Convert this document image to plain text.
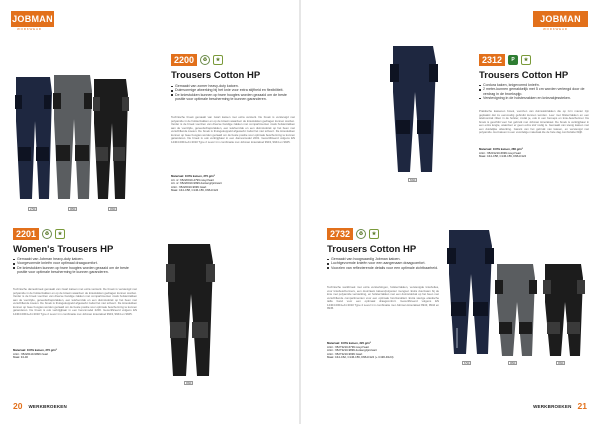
JOBMAN
WORKWEAR
2799	9899	9999
2200	♻	★
Trousers Cotton HP
Gemaakt van zomer heavy-duty katoen.
Duimvormige afwerking bij het knie voor extra stijfheid en flexibiliteit.
De kniestukken kunnen op twee hoogtes worden gezaaid om de beste positie voor optimale bescherming te kunnen garanderen.
Technische broek gemaakt van zwart katoen met extra versterk. De broek is verstevigd met polyamide in de holsterzakken en op de knieën waardoor de kniestukken gedragen kunnen worden. Verder is de broek voorzien van diverse handige zakken met compartimenten zoals holsterzakken aan de voorzijde, gereedschapszakken, een telefoonzak en een duimstokzak op het been met verschillende koeien. De broek is thuisgekoppeld afgewerkt zodat het niet scheurt. De kniestukken kunnen op twee hoogtes worden gezaaid om de beste positie voor optimale bescherming te kunnen garanderen. De broek is ook verkrijgbaar in een damesmodel 2201. Gecertificeerd volgens EN 14404:2004+A1:2010 Type 2 Level 1 in combinatie met Jobman kniezaksel 9943, 9944 en 9945.
Materiaal: 100% katoen, 370 g/m²
Art. nr: 65220010-4799 navy/zwart
Art. nr: 65220010-9999 donkergrijs/zwart
Artnr.: 65220010-9999 zwart
Maat: C44-C58, C146-156, D96-D124
2201	♻	★
Women's Trousers HP
Gemaakt van Jobman heavy-duty katoen.
Voorgevormde knieën voor optimaal draagcomfort.
De kniestukken kunnen op twee hoogtes worden gezaaid om de beste positie voor optimale bescherming te kunnen garanderen.
Technische damesbroek gemaakt van zwart katoen met extra versterk. De broek is verstevigd met polyamide in de holsterzakken en op de knieën waardoor de kniestukken gedragen kunnen worden. Verder is de broek voorzien van diverse handige zakken met compartimenten zoals holsterzakken aan de voorzijde, gereedschapszakken, een telefoonzak en een duimstokzak op het been met verschillende koeien. De broek is thuisgekoppeld afgewerkt zodat het niet scheurt. De kniestukken kunnen op twee hoogtes worden gezaaid om de beste positie voor optimale bescherming te kunnen garanderen. De broek is ook verkrijgbaar in een herenmodel 2200. Gecertificeerd volgens EN 14404:2004+A1:2010 Type 2 Level 1 in combinatie met Jobman kniezaksel 9943, 9944 en 9945.
Materiaal: 100% katoen, 370 g/m²
Artnr.: 65220110-9999 zwart
Maat: 34-46
9999
20 WERKBROEKEN
JOBMAN
WORKWEAR
6999
2312	P	★
Trousers Cotton HP
Cordura kaken, knigevormd knieën.
2 meter-kunnen gemakkelijk met 5 cm worden verlengd door de verdrag in de broekspijp.
Verstevigning in de holsterzakken en kniezakjessteken.
Praktische katoenen broek, voorzien van duimstokzakken die op zo'n manier zijn geplaatst dat ze eenvoudig gebruikt kunnen worden. Leer met blisterzakken en een telefoonzak zitten in de holster, zodat je, ook in een beroeps en knie-beschermer. De broek is geschikt voor het gebruik met Jobman kniezaksel. De broek is verkrijgbaar in een extra lengte, waardoor er geen extra stof nodig is. Gemaakt van stevig katoen met een duidelijke afwerking. Garant van het gebruik van katoen, en verstevigd met polyamide. Het katoen is een voordelige materiaal die de hele dag comfortabel blijft.
Materiaal: 100% katoen, 280 g/m²
Artnr.: 65231210-6999 navy/zwart
Maat: C44-C58, C146-156, D96-D124
2732	♻	★
Trousers Cotton HP
Gemaakt van hoogwaardig Jobman katoen.
Luchtgevormde knieën voor een aangenaam draagcomfort.
Voorzien van reflecterende details voor een optimale zichtbaarheid.
Technische werkbroek met extra versterkingen, holsterzakken, verstevigde knieholtes, voor kniebeschermers, een duurzaam katoen/polyester mengsel. Extra duurzaam bij de knie met polyamide versterking, en holsterzakken met een duimstokzak op het been met verschillende compartimenten voor een optimale functionaliteit. Extra stevige elastische taille band voor een optimaal draagcomfort. Gecertificeerd volgens EN 14404:2004+A1:2010 Type 2 Level 1 in combinatie met Jobman kniezaksel 9943, 9944 en 9945.
Materiaal: 100% katoen, 320 g/m²
Artnr.: 65273210-6799 navy/zwart
Artnr.: 65273210-9899 donkergrijs/zwart
Artnr.: 65273210-9999 zwart
Maat: C44-C62, C146-156, D96-D124 (+ C196-D124)
6799	9899	9999
WERKBROEKEN 21
